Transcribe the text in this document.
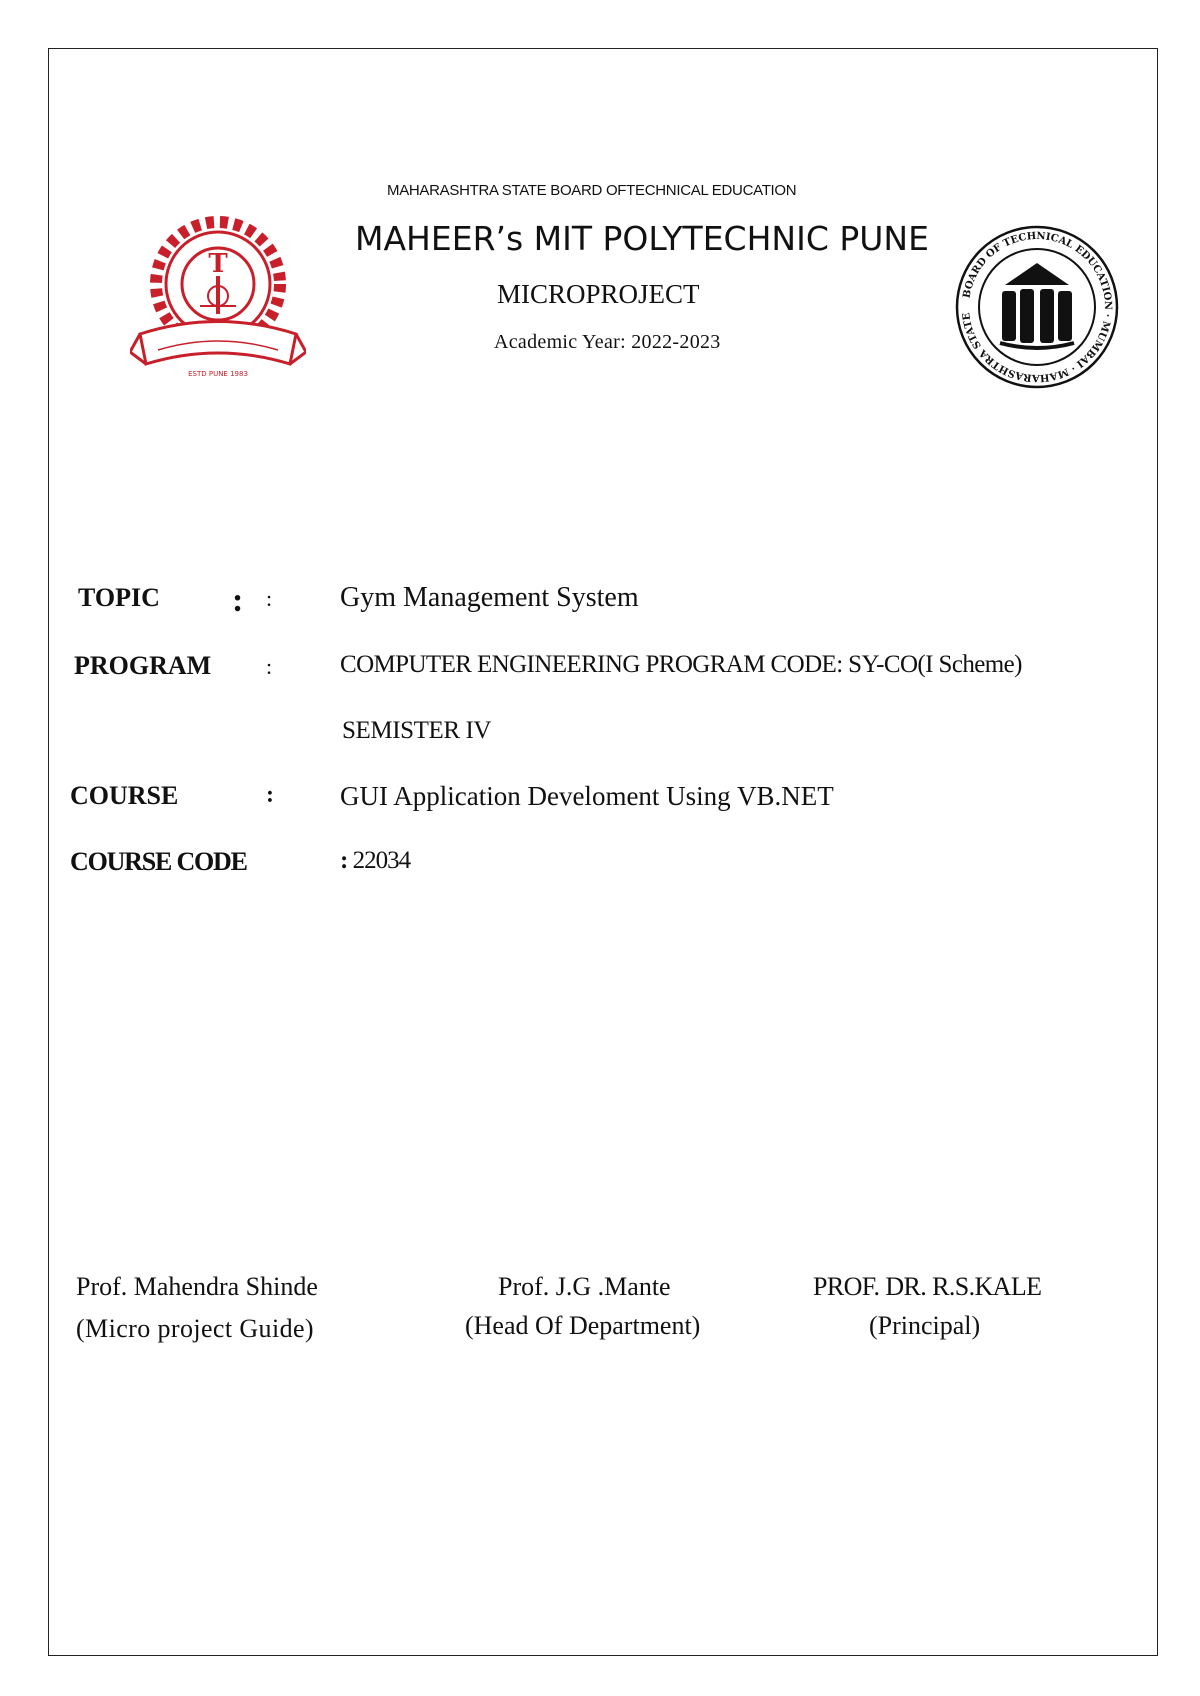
T
ESTD PUNE 1983
BOARD OF TECHNICAL EDUCATION · MUMBAI · MAHARASHTRA STATE
MAHARASHTRA STATE BOARD OFTECHNICAL EDUCATION
MAHEER’s MIT POLYTECHNIC PUNE
MICROPROJECT
Academic Year: 2022-2023
TOPIC : : Gym Management System
PROGRAM :	COMPUTER ENGINEERING PROGRAM CODE: SY-CO(I Scheme)
SEMISTER IV
COURSE	: GUI Application Develoment Using VB.NET
COURSE CODE	: 22034
Prof. Mahendra Shinde
(Micro project Guide)
Prof. J.G .Mante
(Head Of Department)
PROF. DR. R.S.KALE
(Principal)
